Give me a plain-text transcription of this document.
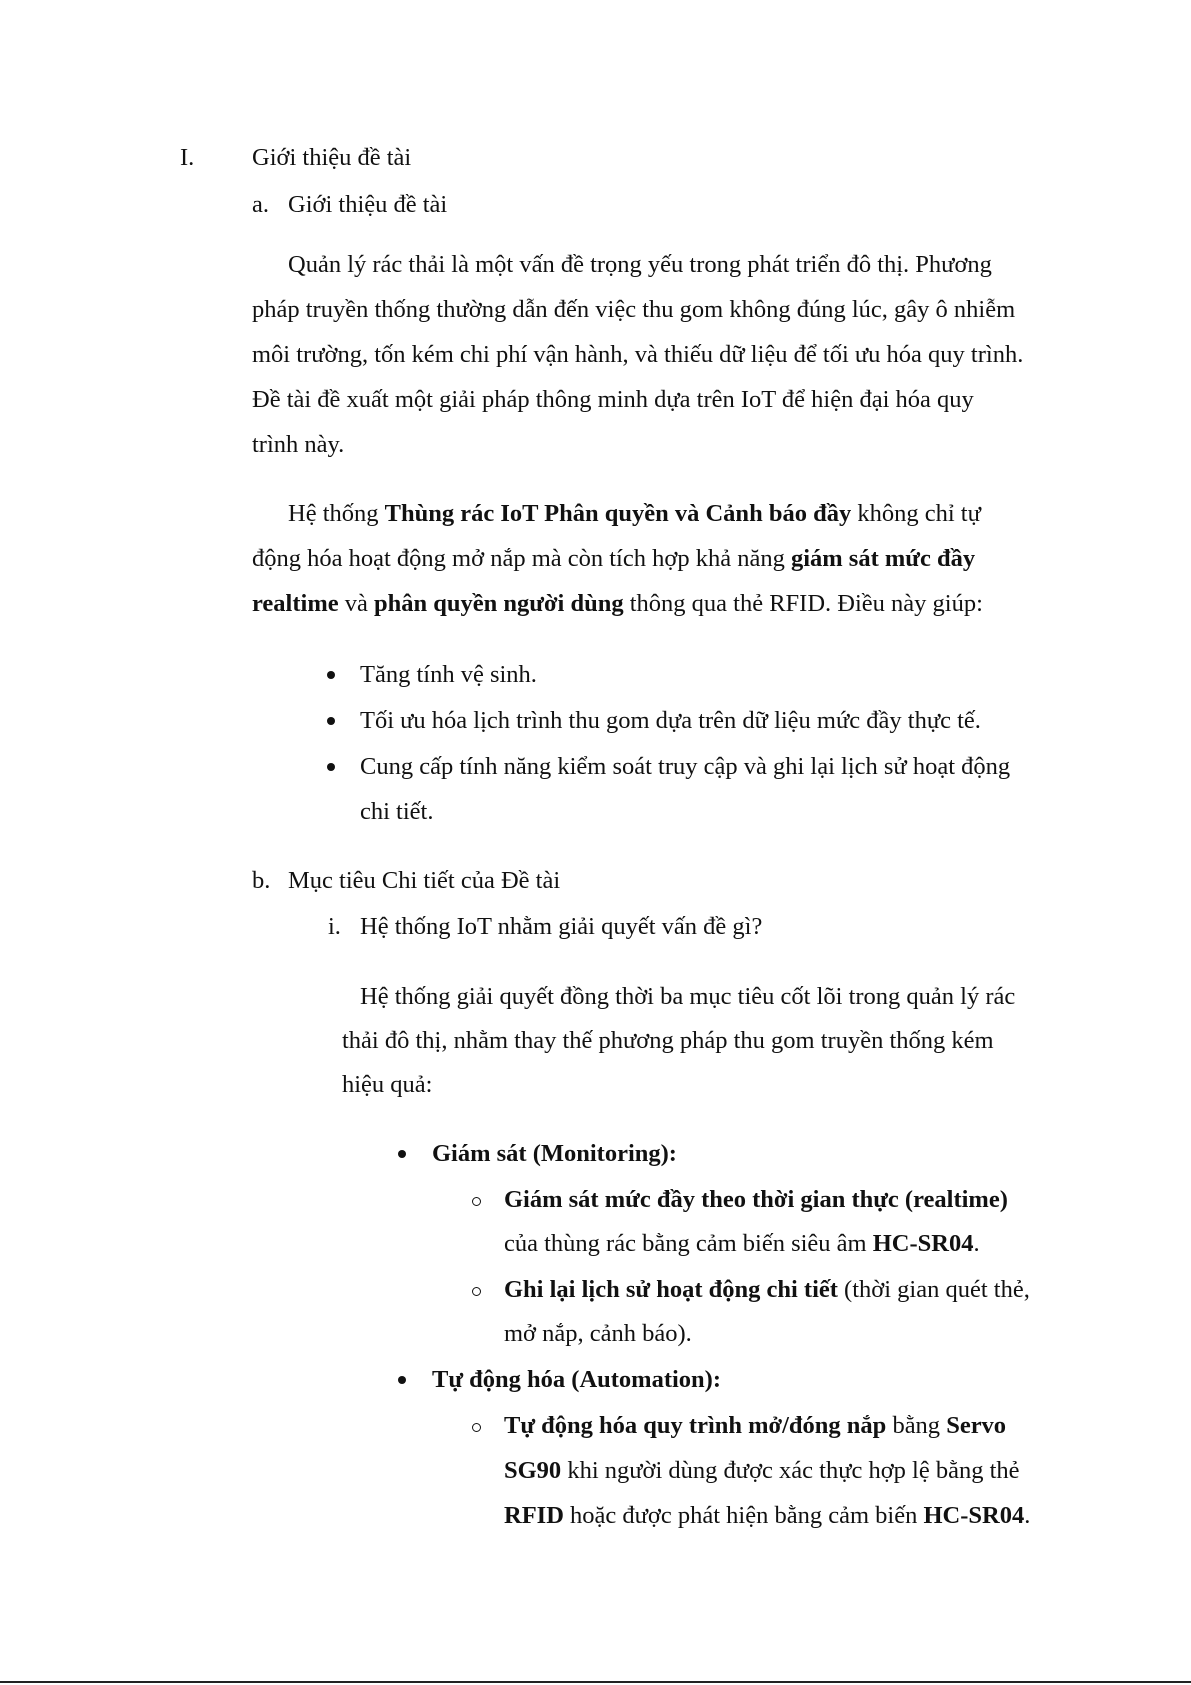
I. Giới thiệu đề tài
a. Giới thiệu đề tài
Quản lý rác thải là một vấn đề trọng yếu trong phát triển đô thị. Phương
pháp truyền thống thường dẫn đến việc thu gom không đúng lúc, gây ô nhiễm
môi trường, tốn kém chi phí vận hành, và thiếu dữ liệu để tối ưu hóa quy trình.
Đề tài đề xuất một giải pháp thông minh dựa trên IoT để hiện đại hóa quy
trình này.
Hệ thống Thùng rác IoT Phân quyền và Cảnh báo đầy không chỉ tự
động hóa hoạt động mở nắp mà còn tích hợp khả năng giám sát mức đầy
realtime và phân quyền người dùng thông qua thẻ RFID. Điều này giúp:
Tăng tính vệ sinh.
Tối ưu hóa lịch trình thu gom dựa trên dữ liệu mức đầy thực tế.
Cung cấp tính năng kiểm soát truy cập và ghi lại lịch sử hoạt động
chi tiết.
b. Mục tiêu Chi tiết của Đề tài
i. Hệ thống IoT nhằm giải quyết vấn đề gì?
Hệ thống giải quyết đồng thời ba mục tiêu cốt lõi trong quản lý rác
thải đô thị, nhằm thay thế phương pháp thu gom truyền thống kém
hiệu quả:
Giám sát (Monitoring):
Giám sát mức đầy theo thời gian thực (realtime)
của thùng rác bằng cảm biến siêu âm HC-SR04.
Ghi lại lịch sử hoạt động chi tiết (thời gian quét thẻ,
mở nắp, cảnh báo).
Tự động hóa (Automation):
Tự động hóa quy trình mở/đóng nắp bằng Servo
SG90 khi người dùng được xác thực hợp lệ bằng thẻ
RFID hoặc được phát hiện bằng cảm biến HC-SR04.
